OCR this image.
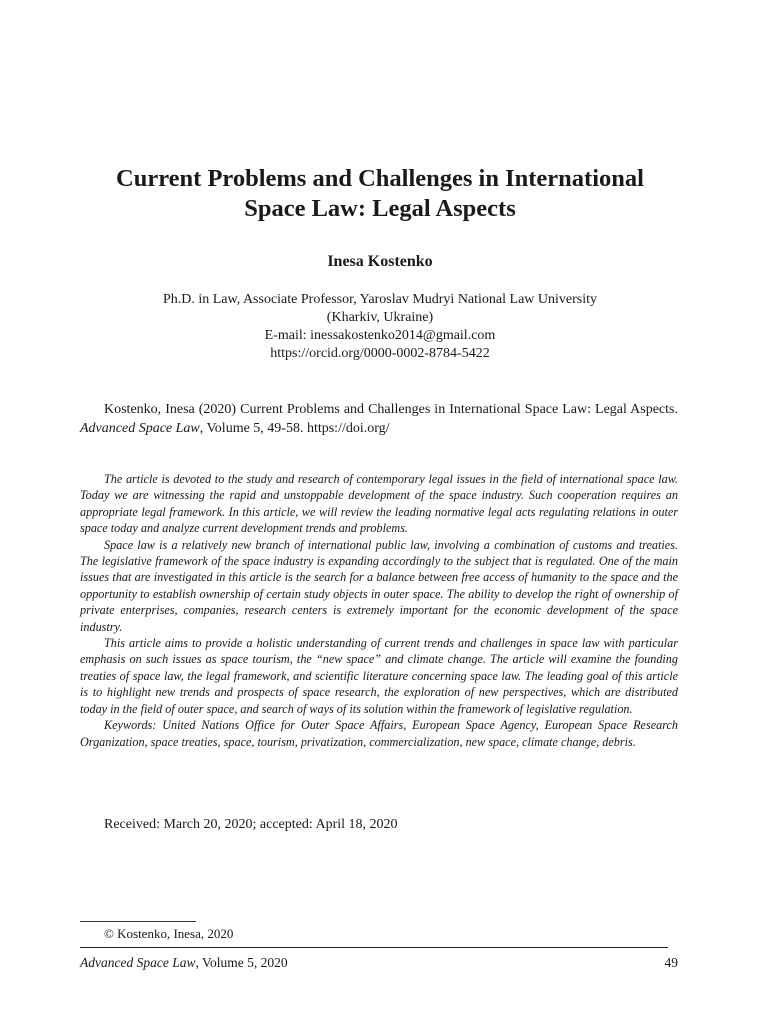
Current Problems and Challenges in International
Space Law: Legal Aspects
Inesa Kostenko
Ph.D. in Law, Associate Professor, Yaroslav Mudryi National Law University
(Kharkiv, Ukraine)
E-mail: inessakostenko2014@gmail.com
https://orcid.org/0000-0002-8784-5422
Kostenko, Inesa (2020) Current Problems and Challenges in International Space Law: Legal Aspects. Advanced Space Law, Volume 5, 49-58. https://doi.org/

The article is devoted to the study and research of contemporary legal issues in the field of international space law. Today we are witnessing the rapid and unstoppable development of the space industry. Such cooperation requires an appropriate legal framework. In this article, we will review the leading normative legal acts regulating relations in outer space today and analyze current development trends and problems.

Space law is a relatively new branch of international public law, involving a combination of customs and treaties. The legislative framework of the space industry is expanding accordingly to the subject that is regulated. One of the main issues that are investigated in this article is the search for a balance between free access of humanity to the space and the opportunity to establish ownership of certain study objects in outer space. The ability to develop the right of ownership of private enterprises, companies, research centers is extremely important for the economic development of the space industry.

This article aims to provide a holistic understanding of current trends and challenges in space law with particular emphasis on such issues as space tourism, the “new space” and climate change. The article will examine the founding treaties of space law, the legal framework, and scientific literature concerning space law. The leading goal of this article is to highlight new trends and prospects of space research, the exploration of new perspectives, which are distributed today in the field of outer space, and search of ways of its solution within the framework of legislative regulation.

Keywords: United Nations Office for Outer Space Affairs, European Space Agency, European Space Research Organization, space treaties, space, tourism, privatization, commercialization, new space, climate change, debris.

Received: March 20, 2020; accepted: April 18, 2020
© Kostenko, Inesa, 2020
Advanced Space Law, Volume 5, 2020	49
